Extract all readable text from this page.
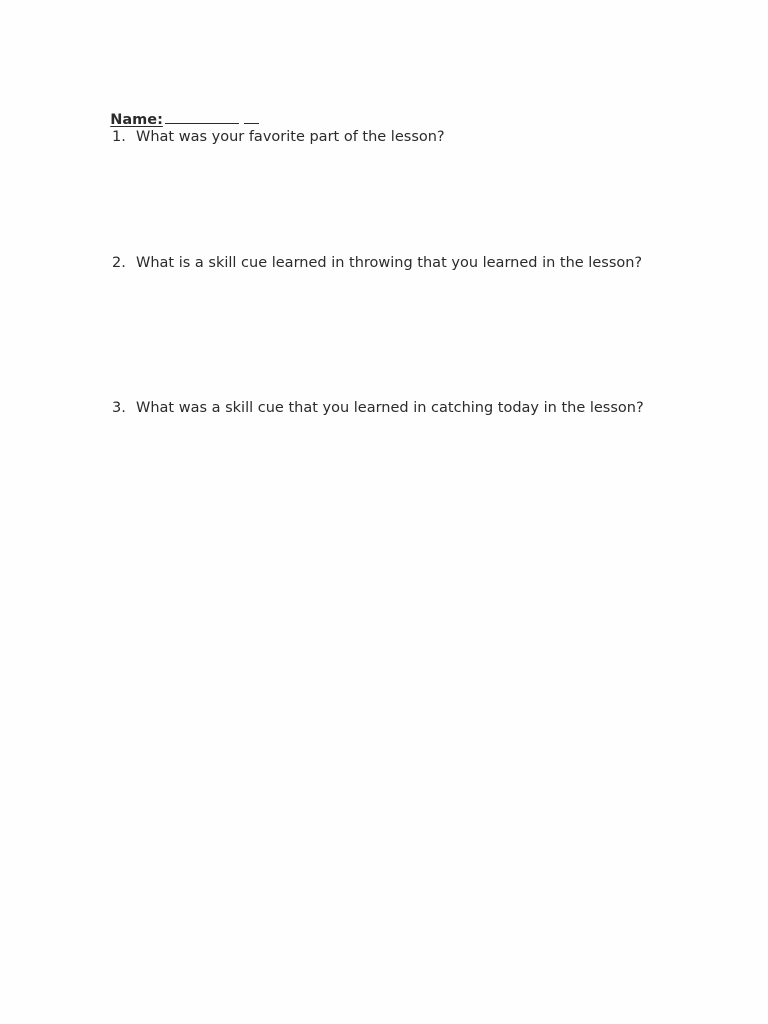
Name:

1. What was your favorite part of the lesson?
2. What is a skill cue learned in throwing that you learned in the lesson?
3. What was a skill cue that you learned in catching today in the lesson?
